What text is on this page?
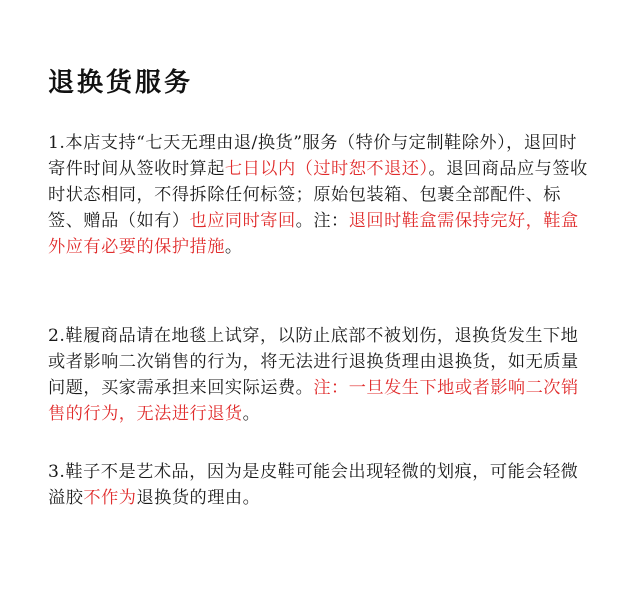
退换货服务
1.本店支持“七天无理由退/换货”服务（特价与定制鞋除外），退回时寄件时间从签收时算起七日以内（过时恕不退还）。退回商品应与签收时状态相同，不得拆除任何标签；原始包装箱、包裹全部配件、标签、赠品（如有）也应同时寄回。注：退回时鞋盒需保持完好，鞋盒外应有必要的保护措施。
2.鞋履商品请在地毯上试穿，以防止底部不被划伤，退换货发生下地或者影响二次销售的行为，将无法进行退换货理由退换货，如无质量问题，买家需承担来回实际运费。注：一旦发生下地或者影响二次销售的行为，无法进行退货。
3.鞋子不是艺术品，因为是皮鞋可能会出现轻微的划痕，可能会轻微溢胶不作为退换货的理由。
